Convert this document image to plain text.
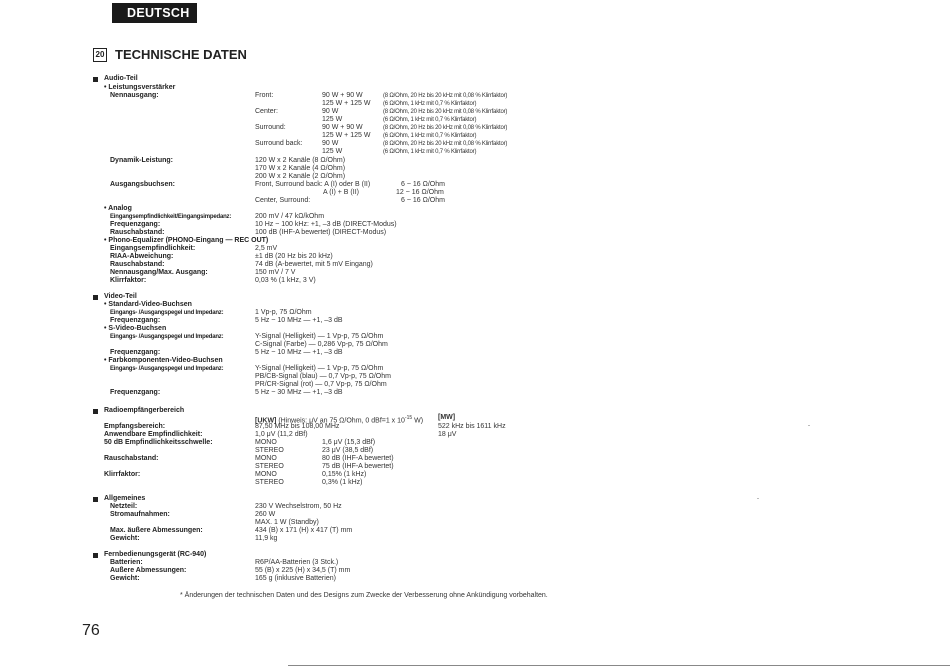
DEUTSCH
20 TECHNISCHE DATEN
Audio-Teil
• Leistungsverstärker
Nennausgang:	Front:	90 W + 90 W	(8 Ω/Ohm, 20 Hz bis 20 kHz mit 0,08 % Klirrfaktor)
125 W + 125 W (6 Ω/Ohm, 1 kHz mit 0,7 % Klirrfaktor)
Center:	90 W	(8 Ω/Ohm, 20 Hz bis 20 kHz mit 0,08 % Klirrfaktor)
125 W	(6 Ω/Ohm, 1 kHz mit 0,7 % Klirrfaktor)
Surround:	90 W + 90 W	(8 Ω/Ohm, 20 Hz bis 20 kHz mit 0,08 % Klirrfaktor)
125 W + 125 W (6 Ω/Ohm, 1 kHz mit 0,7 % Klirrfaktor)
Surround back:	90 W	(8 Ω/Ohm, 20 Hz bis 20 kHz mit 0,08 % Klirrfaktor)
125 W	(6 Ω/Ohm, 1 kHz mit 0,7 % Klirrfaktor)
Dynamik-Leistung:	120 W x 2 Kanäle (8 Ω/Ohm)
170 W x 2 Kanäle (4 Ω/Ohm)
200 W x 2 Kanäle (2 Ω/Ohm)
Ausgangsbuchsen:	Front, Surround back: A (I) oder B (II)	6 ~ 16 Ω/Ohm
A (I) + B (II)	12 ~ 16 Ω/Ohm
Center, Surround:	6 ~ 16 Ω/Ohm
• Analog
Eingangsempfindlichkeit/Eingangsimpedanz:	200 mV / 47 kΩ/kOhm
Frequenzgang:	10 Hz ~ 100 kHz: +1, –3 dB (DIRECT-Modus)
Rauschabstand:	100 dB (IHF-A bewertet) (DIRECT-Modus)
• Phono-Equalizer (PHONO-Eingang — REC OUT)
Eingangsempfindlichkeit:	2,5 mV
RIAA-Abweichung:	±1 dB (20 Hz bis 20 kHz)
Rauschabstand:	74 dB (A-bewertet, mit 5 mV Eingang)
Nennausgang/Max. Ausgang:	150 mV / 7 V
Klirrfaktor:	0,03 % (1 kHz, 3 V)
Video-Teil
• Standard-Video-Buchsen
Eingangs- /Ausgangspegel und Impedanz:	1 Vp-p, 75 Ω/Ohm
Frequenzgang:	5 Hz ~ 10 MHz — +1, –3 dB
• S-Video-Buchsen
Eingangs- /Ausgangspegel und Impedanz:	Y-Signal (Helligkeit) — 1 Vp-p, 75 Ω/Ohm
C-Signal (Farbe) — 0,286 Vp-p, 75 Ω/Ohm
Frequenzgang:	5 Hz ~ 10 MHz — +1, –3 dB
• Farbkomponenten-Video-Buchsen
Eingangs- /Ausgangspegel und Impedanz:	Y-Signal (Helligkeit) — 1 Vp-p, 75 Ω/Ohm
PB/CB-Signal (blau) — 0,7 Vp-p, 75 Ω/Ohm
PR/CR-Signal (rot) — 0,7 Vp-p, 75 Ω/Ohm
Frequenzgang:	5 Hz ~ 30 MHz — +1, –3 dB
Radioempfängerbereich
[UKW] (Hinweis: μV an 75 Ω/Ohm, 0 dBf=1 x $10^{-15}$ W) [MW]
Empfangsbereich:	87,50 MHz bis 108,00 MHz	522 kHz bis 1611 kHz
Anwendbare Empfindlichkeit:	1,0 μV (11,2 dBf)	18 μV
50 dB Empfindlichkeitsschwelle:	MONO	1,6 μV (15,3 dBf)
STEREO	23 μV (38,5 dBf)
Rauschabstand:	MONO	80 dB (IHF-A bewertet)
STEREO	75 dB (IHF-A bewertet)
Klirrfaktor:	MONO	0,15% (1 kHz)
STEREO	0,3% (1 kHz)
Allgemeines
Netzteil:	230 V Wechselstrom, 50 Hz
Stromaufnahmen:	260 W
MAX. 1 W (Standby)
Max. äußere Abmessungen:	434 (B) x 171 (H) x 417 (T) mm
Gewicht:	11,9 kg
Fernbedienungsgerät (RC-940)
Batterien:	R6P/AA-Batterien (3 Stck.)
Außere Abmessungen:	55 (B) x 225 (H) x 34,5 (T) mm
Gewicht:	165 g (inklusive Batterien)
* Änderungen der technischen Daten und des Designs zum Zwecke der Verbesserung ohne Ankündigung vorbehalten.
76
